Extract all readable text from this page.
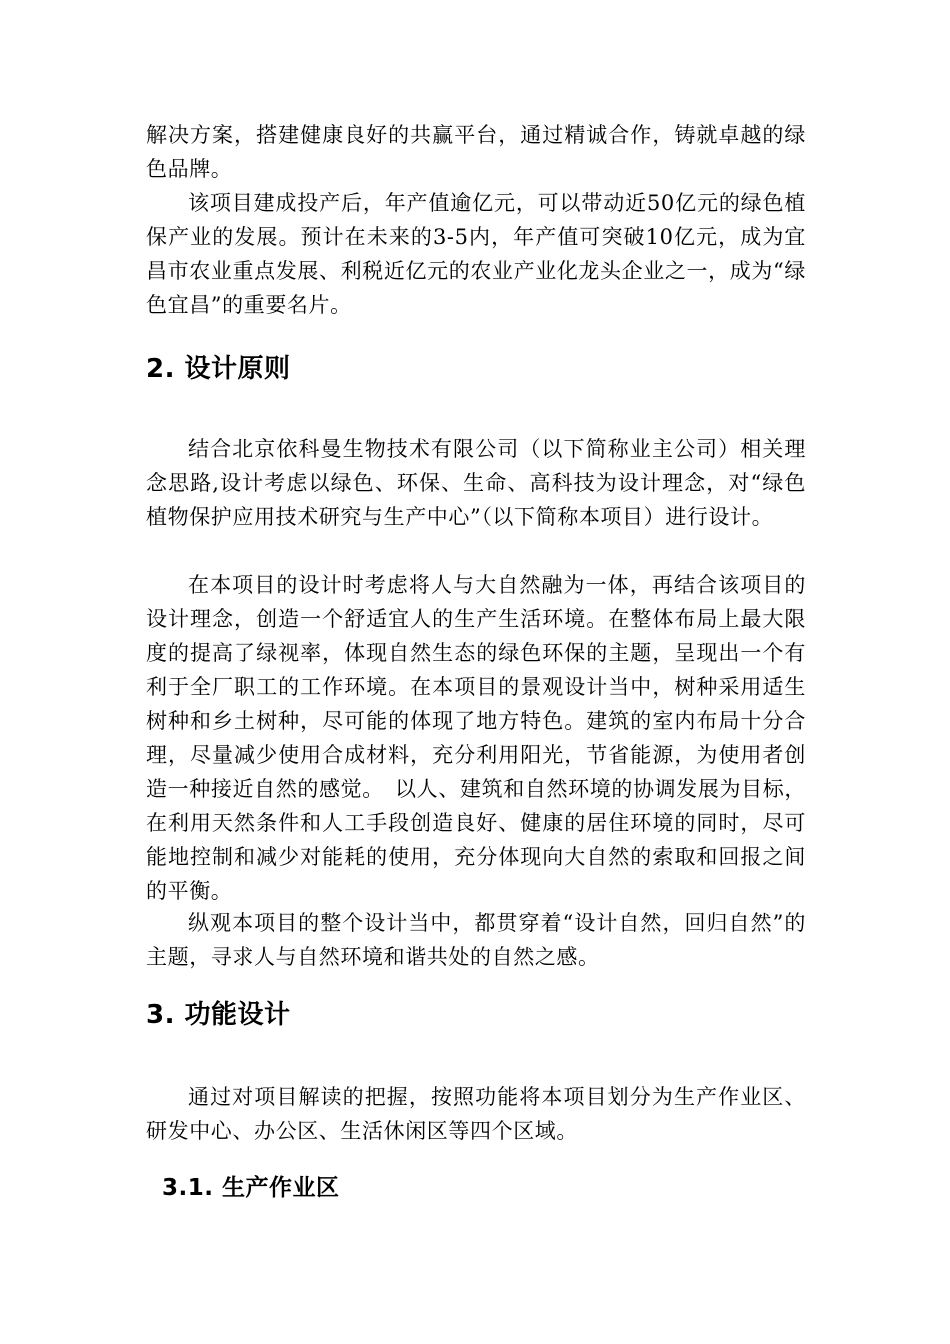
解决方案，搭建健康良好的共赢平台，通过精诚合作，铸就卓越的绿色品牌。

该项目建成投产后，年产值逾亿元，可以带动近50亿元的绿色植保产业的发展。预计在未来的3-5内，年产值可突破10亿元，成为宜昌市农业重点发展、利税近亿元的农业产业化龙头企业之一，成为“绿色宜昌”的重要名片。

2. 设计原则

结合北京依科曼生物技术有限公司（以下简称业主公司）相关理念思路,设计考虑以绿色、环保、生命、高科技为设计理念，对“绿色植物保护应用技术研究与生产中心”（以下简称本项目）进行设计。

在本项目的设计时考虑将人与大自然融为一体，再结合该项目的设计理念，创造一个舒适宜人的生产生活环境。在整体布局上最大限度的提高了绿视率，体现自然生态的绿色环保的主题，呈现出一个有利于全厂职工的工作环境。在本项目的景观设计当中，树种采用适生树种和乡土树种，尽可能的体现了地方特色。建筑的室内布局十分合理，尽量减少使用合成材料，充分利用阳光，节省能源，为使用者创造一种接近自然的感觉。　以人、建筑和自然环境的协调发展为目标，在利用天然条件和人工手段创造良好、健康的居住环境的同时，尽可能地控制和减少对能耗的使用，充分体现向大自然的索取和回报之间的平衡。

纵观本项目的整个设计当中，都贯穿着“设计自然，回归自然”的主题，寻求人与自然环境和谐共处的自然之感。

3. 功能设计

通过对项目解读的把握，按照功能将本项目划分为生产作业区、研发中心、办公区、生活休闲区等四个区域。

3.1. 生产作业区
